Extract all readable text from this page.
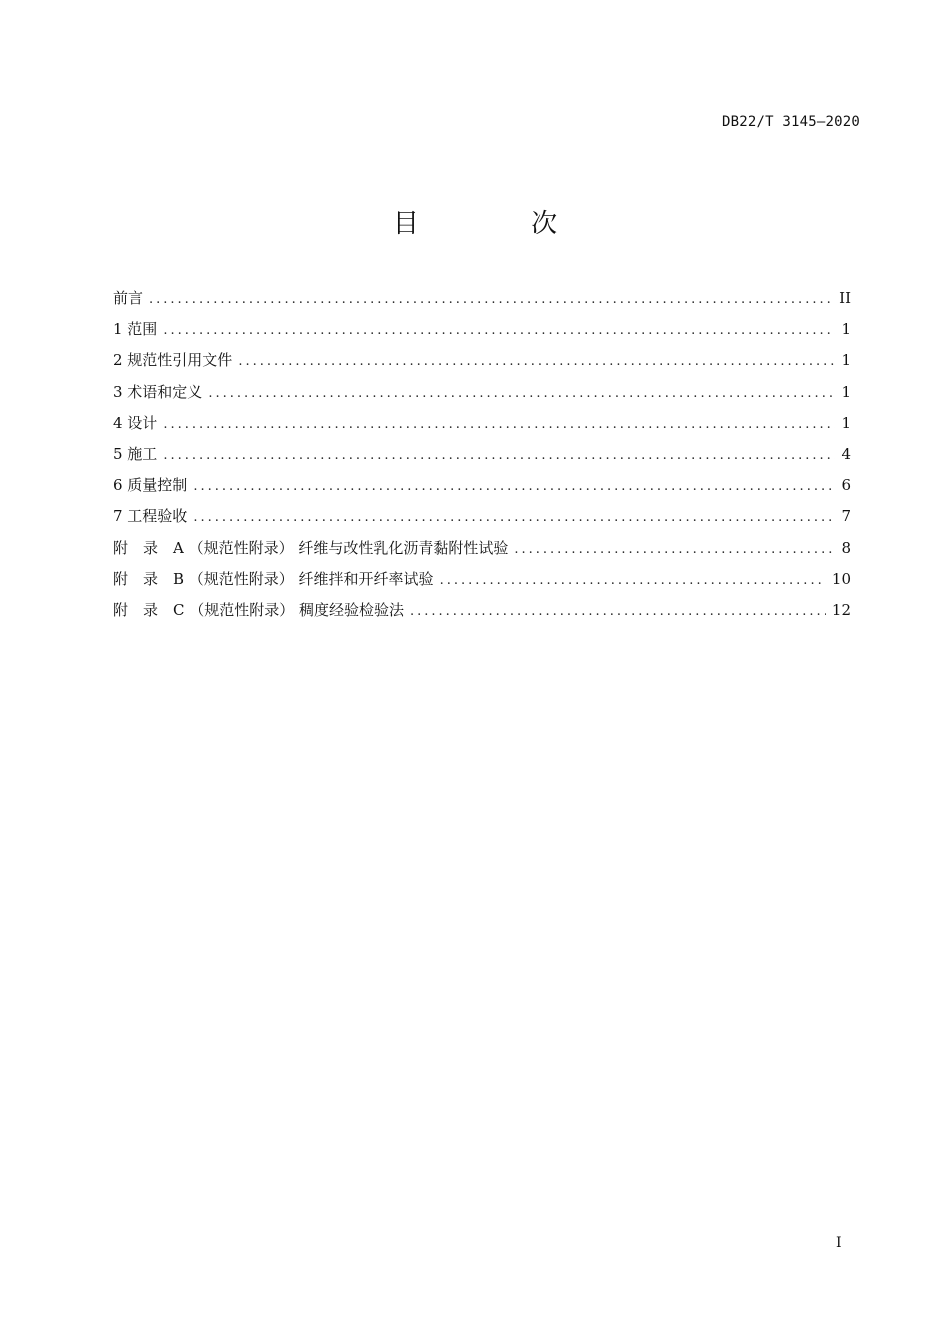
DB22/T 3145—2020
目 次
前言 .....	II
1 范围 .....	1
2 规范性引用文件 .....	1
3 术语和定义 .....	1
4 设计 .....	1
5 施工 .....	4
6 质量控制 .....	6
7 工程验收 .....	7
附　录　A （规范性附录） 纤维与改性乳化沥青黏附性试验 .....	8
附　录　B （规范性附录） 纤维拌和开纤率试验 .....	10
附　录　C （规范性附录） 稠度经验检验法 .....	12
I
